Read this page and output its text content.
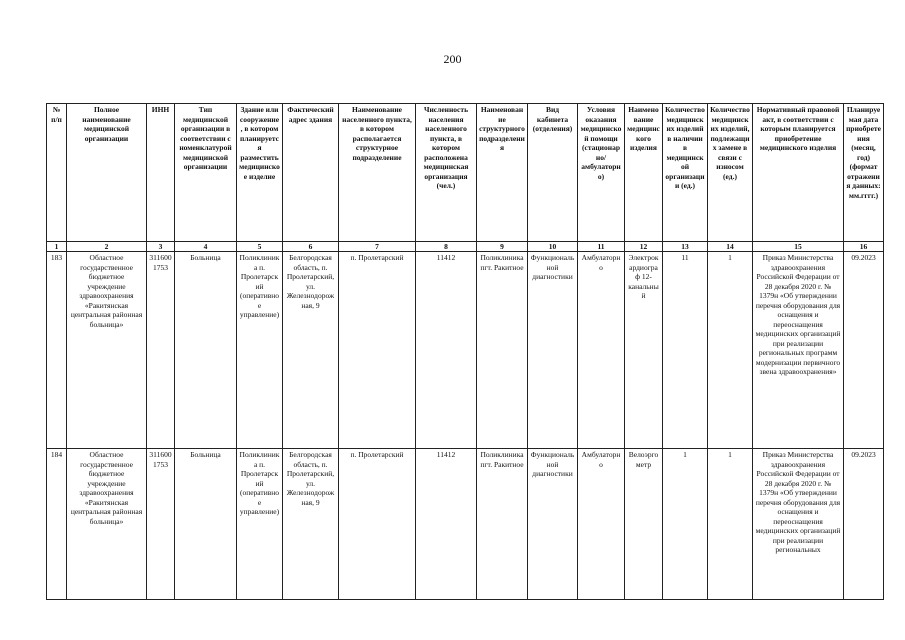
200
№ п/п	Полное наименование медицинской организации	ИНН	Тип медицинской организации в соответствии с номенклатурой медицинской организации	Здание или сооружение, в котором планируется разместить медицинское изделие	Фактический адрес здания	Наименование населенного пункта, в котором располагается структурное подразделение	Численность населения населенного пункта, в котором расположена медицинская организация (чел.)	Наименование структурного подразделения	Вид кабинета (отделения)	Условия оказания медицинской помощи (стационарно/амбулаторно)	Наименование медицинского изделия	Количество медицинских изделий в наличии в медицинской организации (ед.)	Количество медицинских изделий, подлежащих замене в связи с износом (ед.)	Нормативный правовой акт, в соответствии с которым планируется приобретение медицинского изделия	Планируемая дата приобретения (месяц, год) (формат отражения данных: мм.гггг.)
1	2	3	4	5	6	7	8	9	10	11	12	13	14	15	16
183	Областное государственное бюджетное учреждение здравоохранения «Ракитянская центральная районная больница»	3116001753	Больница	Поликлиника п. Пролетарский (оперативное управление)	Белгородская область, п. Пролетарский, ул. Железнодорожная, 9	п. Пролетарский	11412	Поликлиника пгт. Ракитное	Функциональной диагностики	Амбулаторно	Электрокардиограф 12-канальный	11	1	Приказ Министерства здравоохранения Российской Федерации от 28 декабря 2020 г. № 1379н «Об утверждении перечня оборудования для оснащения и переоснащения медицинских организаций при реализации региональных программ модернизации первичного звена здравоохранения»	09.2023
184	Областное государственное бюджетное учреждение здравоохранения «Ракитянская центральная районная больница»	3116001753	Больница	Поликлиника п. Пролетарский (оперативное управление)	Белгородская область, п. Пролетарский, ул. Железнодорожная, 9	п. Пролетарский	11412	Поликлиника пгт. Ракитное	Функциональной диагностики	Амбулаторно	Велоэргометр	1	1	Приказ Министерства здравоохранения Российской Федерации от 28 декабря 2020 г. № 1379н «Об утверждении перечня оборудования для оснащения и переоснащения медицинских организаций при реализации региональных	09.2023
